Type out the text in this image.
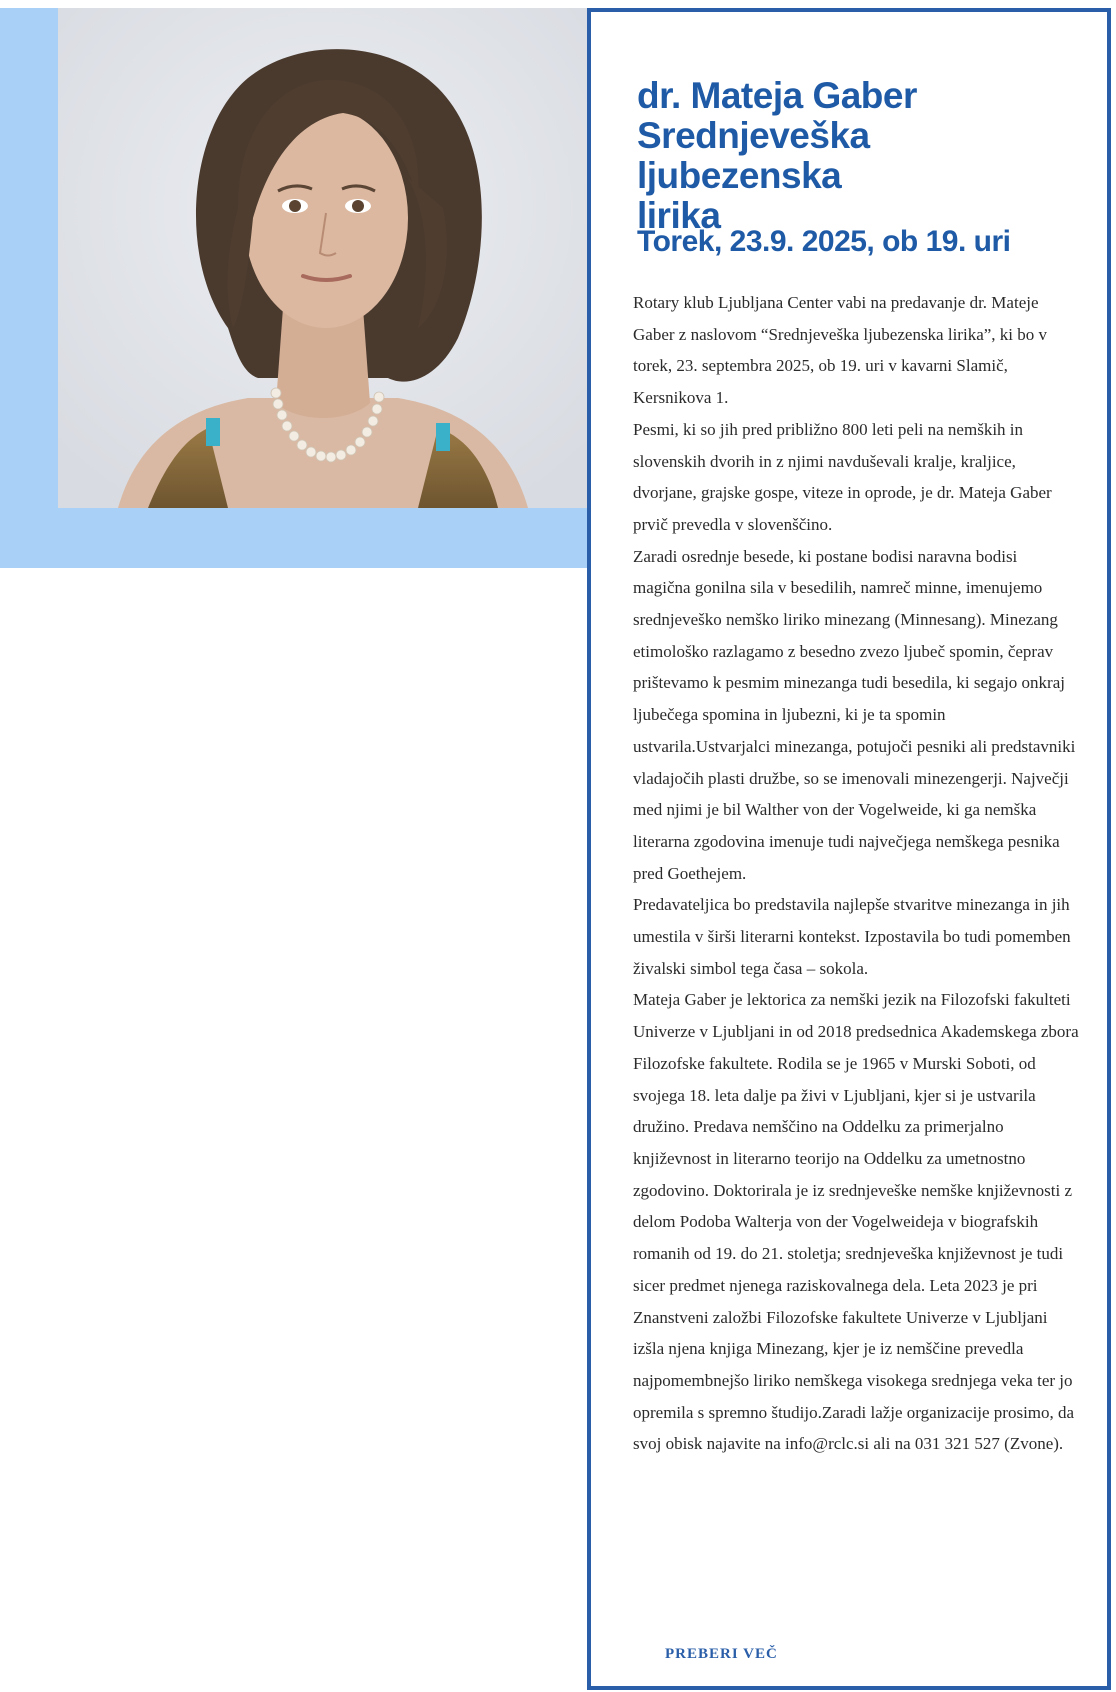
dr. Mateja Gaber
Srednjeveška ljubezenska
lirika
Torek, 23.9. 2025, ob 19. uri

Rotary klub Ljubljana Center vabi na predavanje dr. Mateje Gaber z naslovom “Srednjeveška ljubezenska lirika”, ki bo v torek, 23. septembra 2025, ob 19. uri v kavarni Slamič, Kersnikova 1.

Pesmi, ki so jih pred približno 800 leti peli na nemških in slovenskih dvorih in z njimi navduševali kralje, kraljice, dvorjane, grajske gospe, viteze in oprode, je dr. Mateja Gaber prvič prevedla v slovenščino.

Zaradi osrednje besede, ki postane bodisi naravna bodisi magična gonilna sila v besedilih, namreč minne, imenujemo srednjeveško nemško liriko minezang (Minnesang). Minezang etimološko razlagamo z besedno zvezo ljubeč spomin, čeprav prištevamo k pesmim minezanga tudi besedila, ki segajo onkraj ljubečega spomina in ljubezni, ki je ta spomin ustvarila.Ustvarjalci minezanga, potujoči pesniki ali predstavniki vladajočih plasti družbe, so se imenovali minezengerji. Največji med njimi je bil Walther von der Vogelweide, ki ga nemška literarna zgodovina imenuje tudi največjega nemškega pesnika pred Goethejem.

Predavateljica bo predstavila najlepše stvaritve minezanga in jih umestila v širši literarni kontekst. Izpostavila bo tudi pomemben živalski simbol tega časa – sokola.

Mateja Gaber je lektorica za nemški jezik na Filozofski fakulteti Univerze v Ljubljani in od 2018 predsednica Akademskega zbora Filozofske fakultete. Rodila se je 1965 v Murski Soboti, od svojega 18. leta dalje pa živi v Ljubljani, kjer si je ustvarila družino. Predava nemščino na Oddelku za primerjalno književnost in literarno teorijo na Oddelku za umetnostno zgodovino. Doktorirala je iz srednjeveške nemške književnosti z delom Podoba Walterja von der Vogelweideja v biografskih romanih od 19. do 21. stoletja; srednjeveška književnost je tudi sicer predmet njenega raziskovalnega dela. Leta 2023 je pri Znanstveni založbi Filozofske fakultete Univerze v Ljubljani izšla njena knjiga Minezang, kjer je iz nemščine prevedla najpomembnejšo liriko nemškega visokega srednjega veka ter jo opremila s spremno študijo.Zaradi lažje organizacije prosimo, da svoj obisk najavite na info@rclc.si ali na 031 321 527 (Zvone).

PREBERI VEČ
